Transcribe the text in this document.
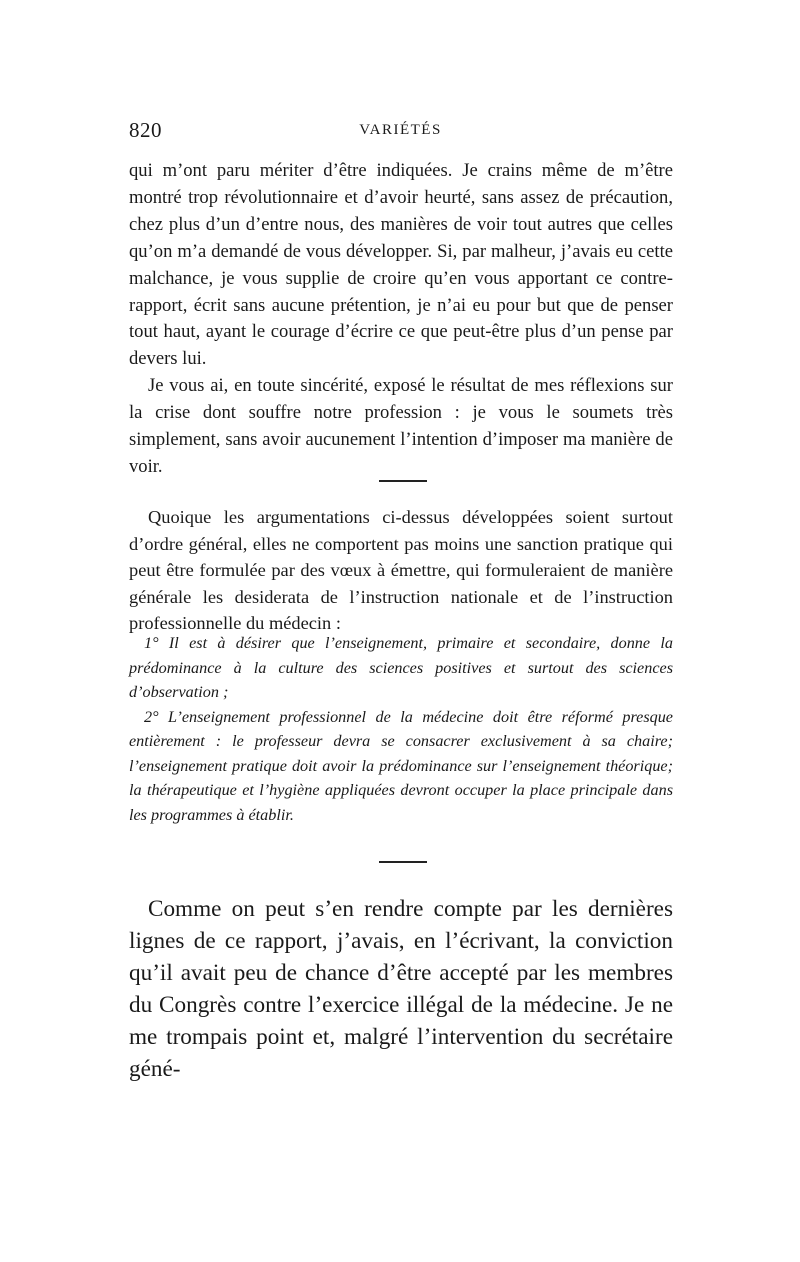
820	VARIÉTÉS

qui m’ont paru mériter d’être indiquées. Je crains même de m’être montré trop révolutionnaire et d’avoir heurté, sans assez de précaution, chez plus d’un d’entre nous, des manières de voir tout autres que celles qu’on m’a demandé de vous développer. Si, par malheur, j’avais eu cette malchance, je vous supplie de croire qu’en vous apportant ce contre-rapport, écrit sans aucune prétention, je n’ai eu pour but que de penser tout haut, ayant le courage d’écrire ce que peut-être plus d’un pense par devers lui.

Je vous ai, en toute sincérité, exposé le résultat de mes réflexions sur la crise dont souffre notre profession : je vous le soumets très simplement, sans avoir aucunement l’intention d’imposer ma manière de voir.

Quoique les argumentations ci-dessus développées soient surtout d’ordre général, elles ne comportent pas moins une sanction pratique qui peut être formulée par des vœux à émettre, qui formuleraient de manière générale les desiderata de l’instruction nationale et de l’instruction professionnelle du médecin :

1° Il est à désirer que l’enseignement, primaire et secondaire, donne la prédominance à la culture des sciences positives et surtout des sciences d’observation ;

2° L’enseignement professionnel de la médecine doit être réformé presque entièrement : le professeur devra se consacrer exclusivement à sa chaire; l’enseignement pratique doit avoir la prédominance sur l’enseignement théorique; la thérapeutique et l’hygiène appliquées devront occuper la place principale dans les programmes à établir.

Comme on peut s’en rendre compte par les dernières lignes de ce rapport, j’avais, en l’écrivant, la conviction qu’il avait peu de chance d’être accepté par les membres du Congrès contre l’exercice illégal de la médecine. Je ne me trompais point et, malgré l’intervention du secrétaire géné-
